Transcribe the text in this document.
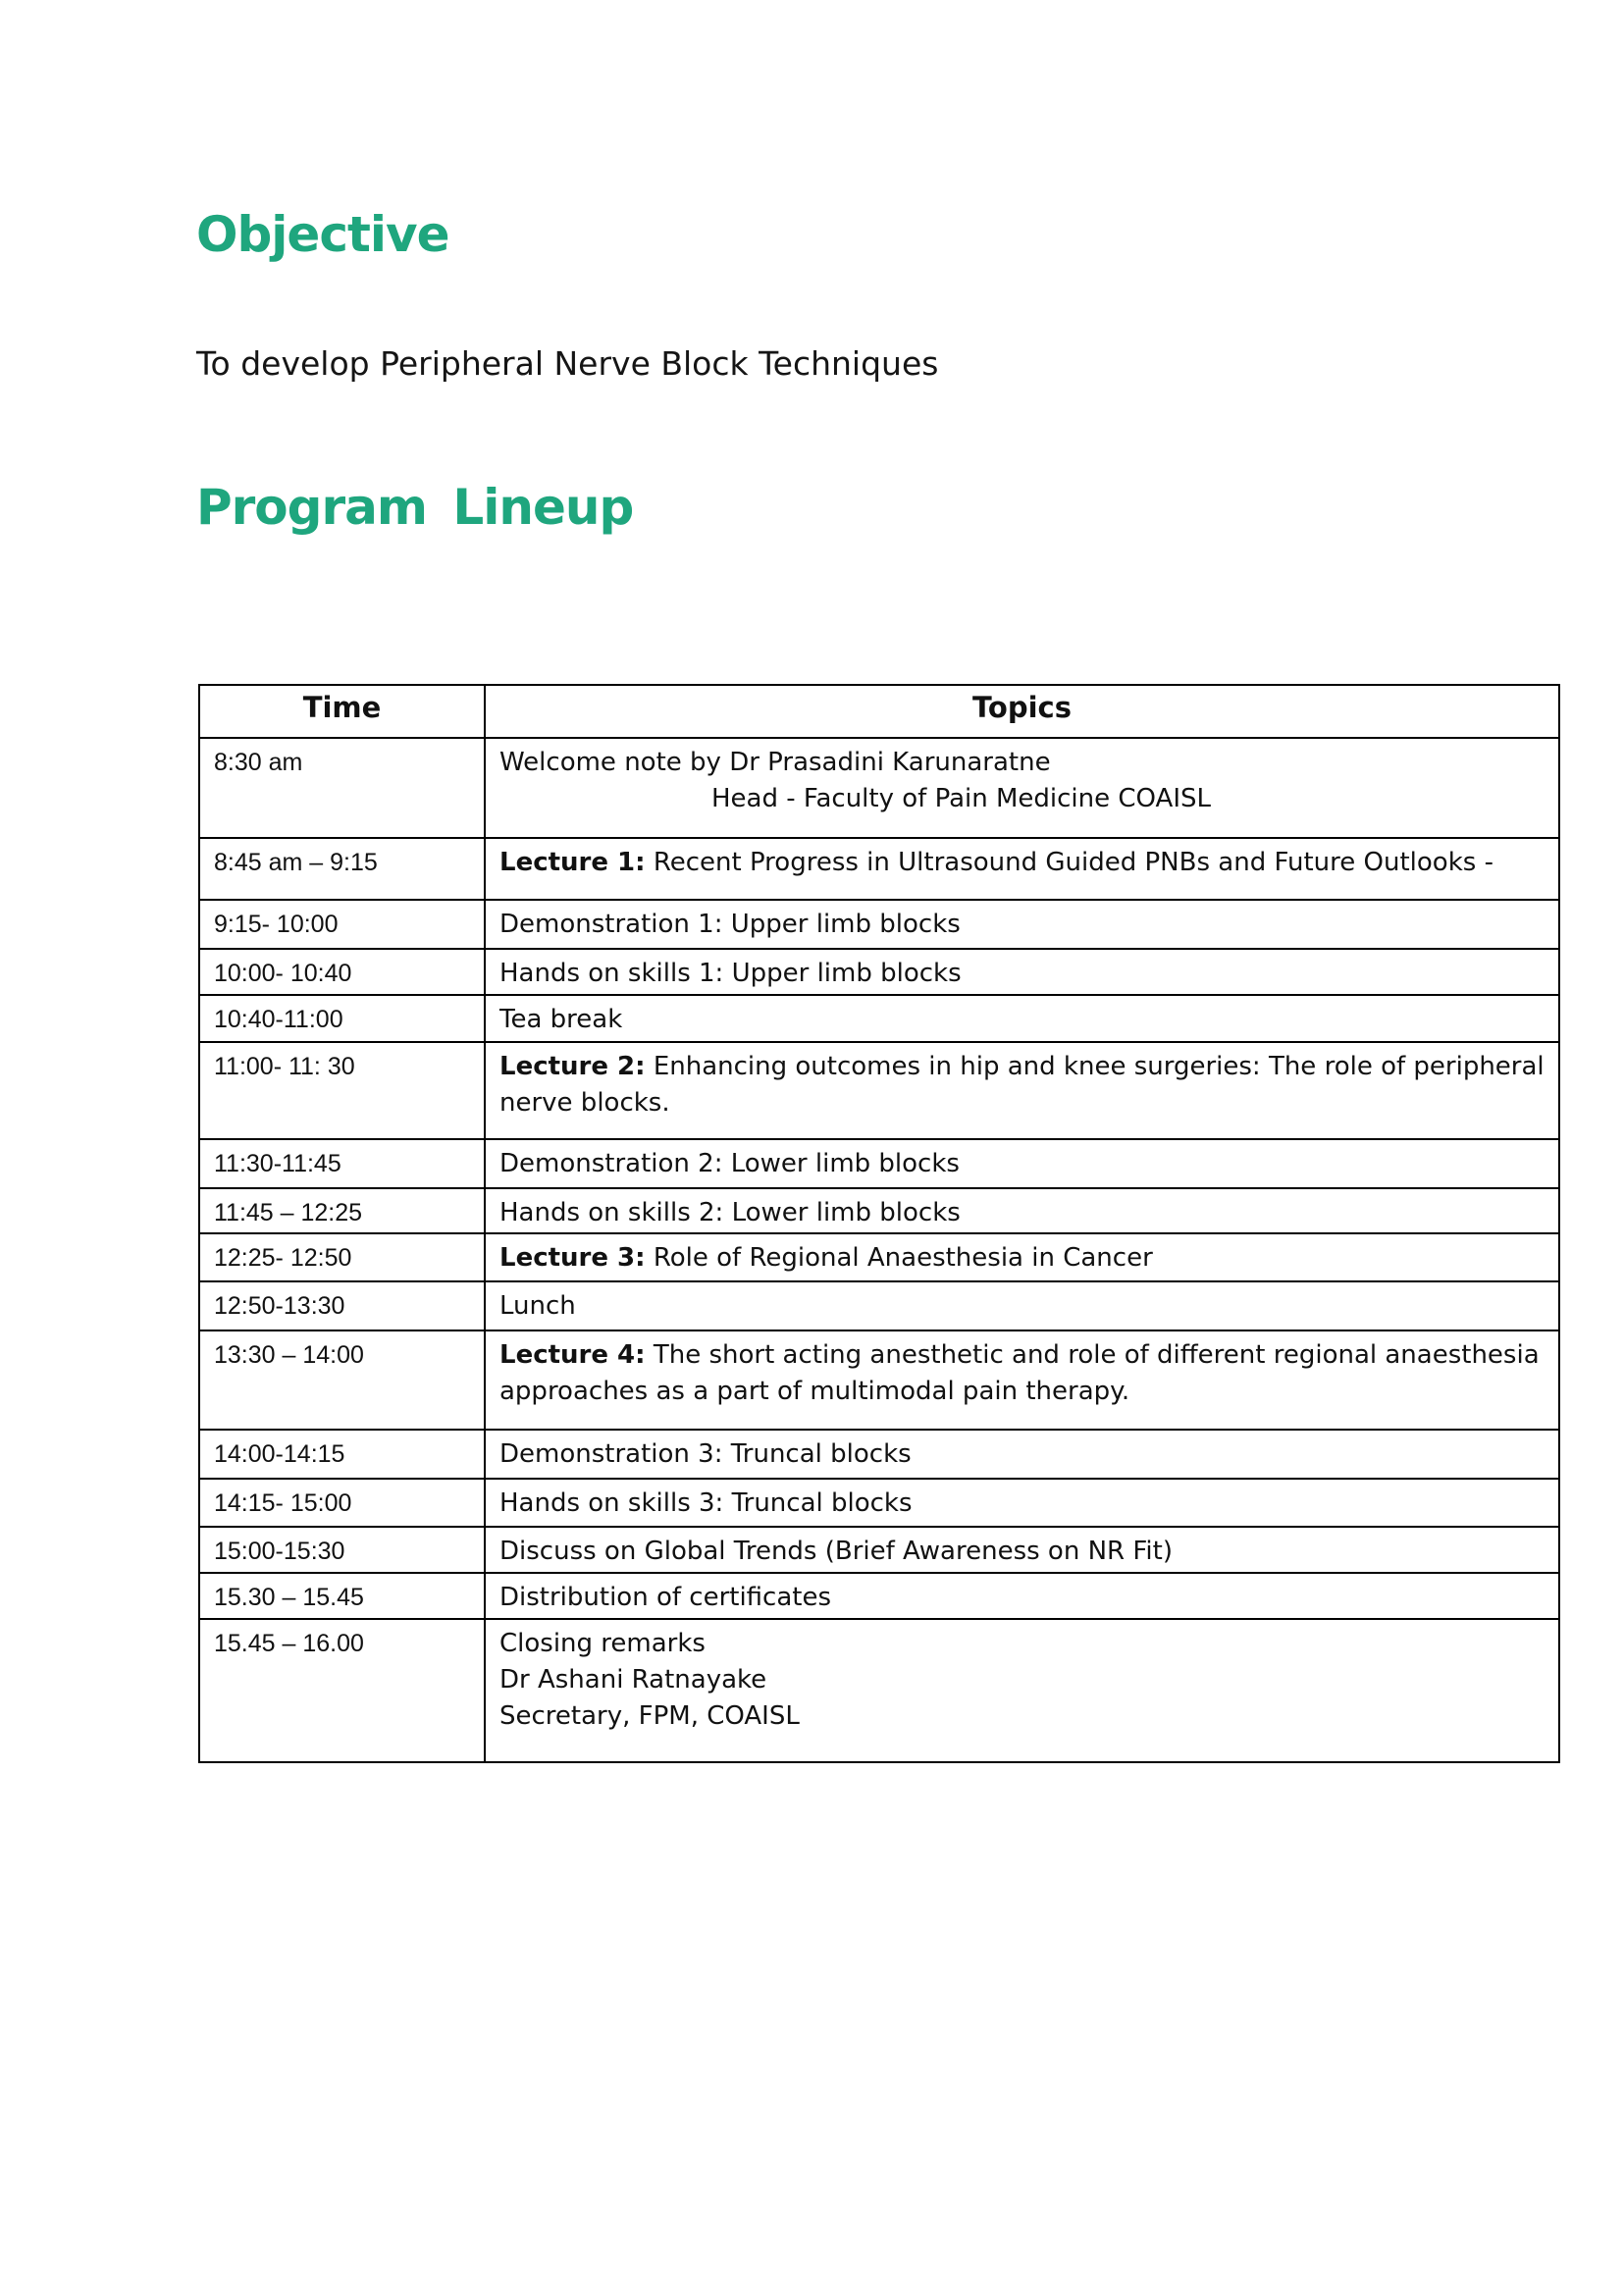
Objective

To develop Peripheral Nerve Block Techniques

Program Lineup
Time	Topics
8:30 am	Welcome note by Dr Prasadini Karunaratne
Head - Faculty of Pain Medicine COAISL

8:45 am – 9:15	Lecture 1: Recent Progress in Ultrasound Guided PNBs and Future Outlooks -
9:15- 10:00	Demonstration 1: Upper limb blocks
10:00- 10:40	Hands on skills 1: Upper limb blocks
10:40-11:00	Tea break
11:00- 11: 30	Lecture 2: Enhancing outcomes in hip and knee surgeries: The role of peripheral nerve blocks.
11:30-11:45	Demonstration 2: Lower limb blocks
11:45 – 12:25	Hands on skills 2: Lower limb blocks
12:25- 12:50	Lecture 3: Role of Regional Anaesthesia in Cancer
12:50-13:30	Lunch
13:30 – 14:00	Lecture 4: The short acting anesthetic and role of different regional anaesthesia approaches as a part of multimodal pain therapy.
14:00-14:15	Demonstration 3: Truncal blocks
14:15- 15:00	Hands on skills 3: Truncal blocks
15:00-15:30	Discuss on Global Trends (Brief Awareness on NR Fit)
15.30 – 15.45	Distribution of certificates
15.45 – 16.00	Closing remarks
Dr Ashani Ratnayake
Secretary, FPM, COAISL
